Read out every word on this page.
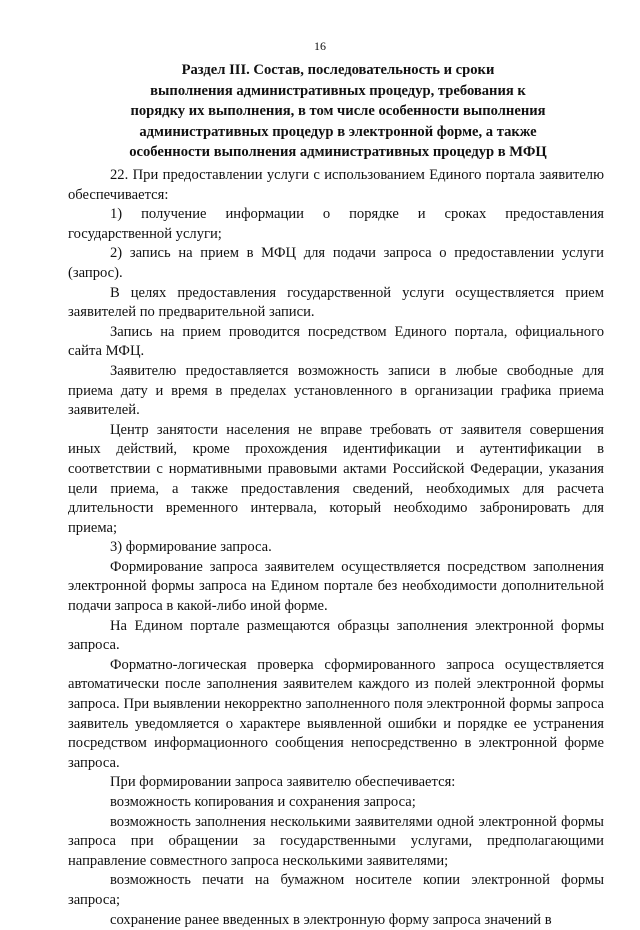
16
Раздел III. Состав, последовательность и сроки
выполнения административных процедур, требования к
порядку их выполнения, в том числе особенности выполнения
административных процедур в электронной форме, а также
особенности выполнения административных процедур в МФЦ

22. При предоставлении услуги с использованием Единого портала заявителю обеспечивается:

1) получение информации о порядке и сроках предоставления государственной услуги;

2) запись на прием в МФЦ для подачи запроса о предоставлении услуги (запрос).

В целях предоставления государственной услуги осуществляется прием заявителей по предварительной записи.

Запись на прием проводится посредством Единого портала, официального сайта МФЦ.

Заявителю предоставляется возможность записи в любые свободные для приема дату и время в пределах установленного в организации графика приема заявителей.

Центр занятости населения не вправе требовать от заявителя совершения иных действий, кроме прохождения идентификации и аутентификации в соответствии с нормативными правовыми актами Российской Федерации, указания цели приема, а также предоставления сведений, необходимых для расчета длительности временного интервала, который необходимо забронировать для приема;

3) формирование запроса.

Формирование запроса заявителем осуществляется посредством заполнения электронной формы запроса на Едином портале без необходимости дополнительной подачи запроса в какой-либо иной форме.

На Едином портале размещаются образцы заполнения электронной формы запроса.

Форматно-логическая проверка сформированного запроса осуществляется автоматически после заполнения заявителем каждого из полей электронной формы запроса. При выявлении некорректно заполненного поля электронной формы запроса заявитель уведомляется о характере выявленной ошибки и порядке ее устранения посредством информационного сообщения непосредственно в электронной форме запроса.

При формировании запроса заявителю обеспечивается:

возможность копирования и сохранения запроса;

возможность заполнения несколькими заявителями одной электронной формы запроса при обращении за государственными услугами, предполагающими направление совместного запроса несколькими заявителями;

возможность печати на бумажном носителе копии электронной формы запроса;

сохранение ранее введенных в электронную форму запроса значений в
